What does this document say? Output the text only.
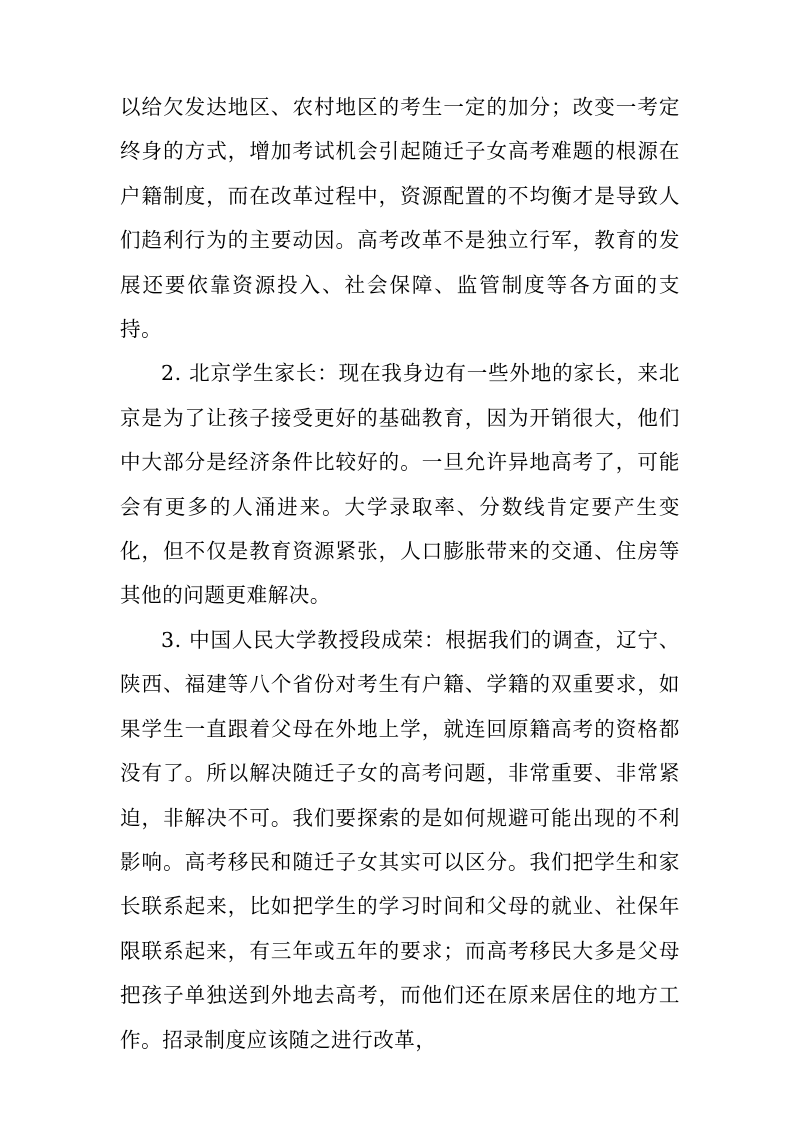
以给欠发达地区、农村地区的考生一定的加分；改变一考定终身的方式，增加考试机会引起随迁子女高考难题的根源在户籍制度，而在改革过程中，资源配置的不均衡才是导致人们趋利行为的主要动因。高考改革不是独立行军，教育的发展还要依靠资源投入、社会保障、监管制度等各方面的支持。

2. 北京学生家长：现在我身边有一些外地的家长，来北京是为了让孩子接受更好的基础教育，因为开销很大，他们中大部分是经济条件比较好的。一旦允许异地高考了，可能会有更多的人涌进来。大学录取率、分数线肯定要产生变化，但不仅是教育资源紧张，人口膨胀带来的交通、住房等其他的问题更难解决。

3. 中国人民大学教授段成荣：根据我们的调查，辽宁、陕西、福建等八个省份对考生有户籍、学籍的双重要求，如果学生一直跟着父母在外地上学，就连回原籍高考的资格都没有了。所以解决随迁子女的高考问题，非常重要、非常紧迫，非解决不可。我们要探索的是如何规避可能出现的不利影响。高考移民和随迁子女其实可以区分。我们把学生和家长联系起来，比如把学生的学习时间和父母的就业、社保年限联系起来，有三年或五年的要求；而高考移民大多是父母把孩子单独送到外地去高考，而他们还在原来居住的地方工作。招录制度应该随之进行改革，
